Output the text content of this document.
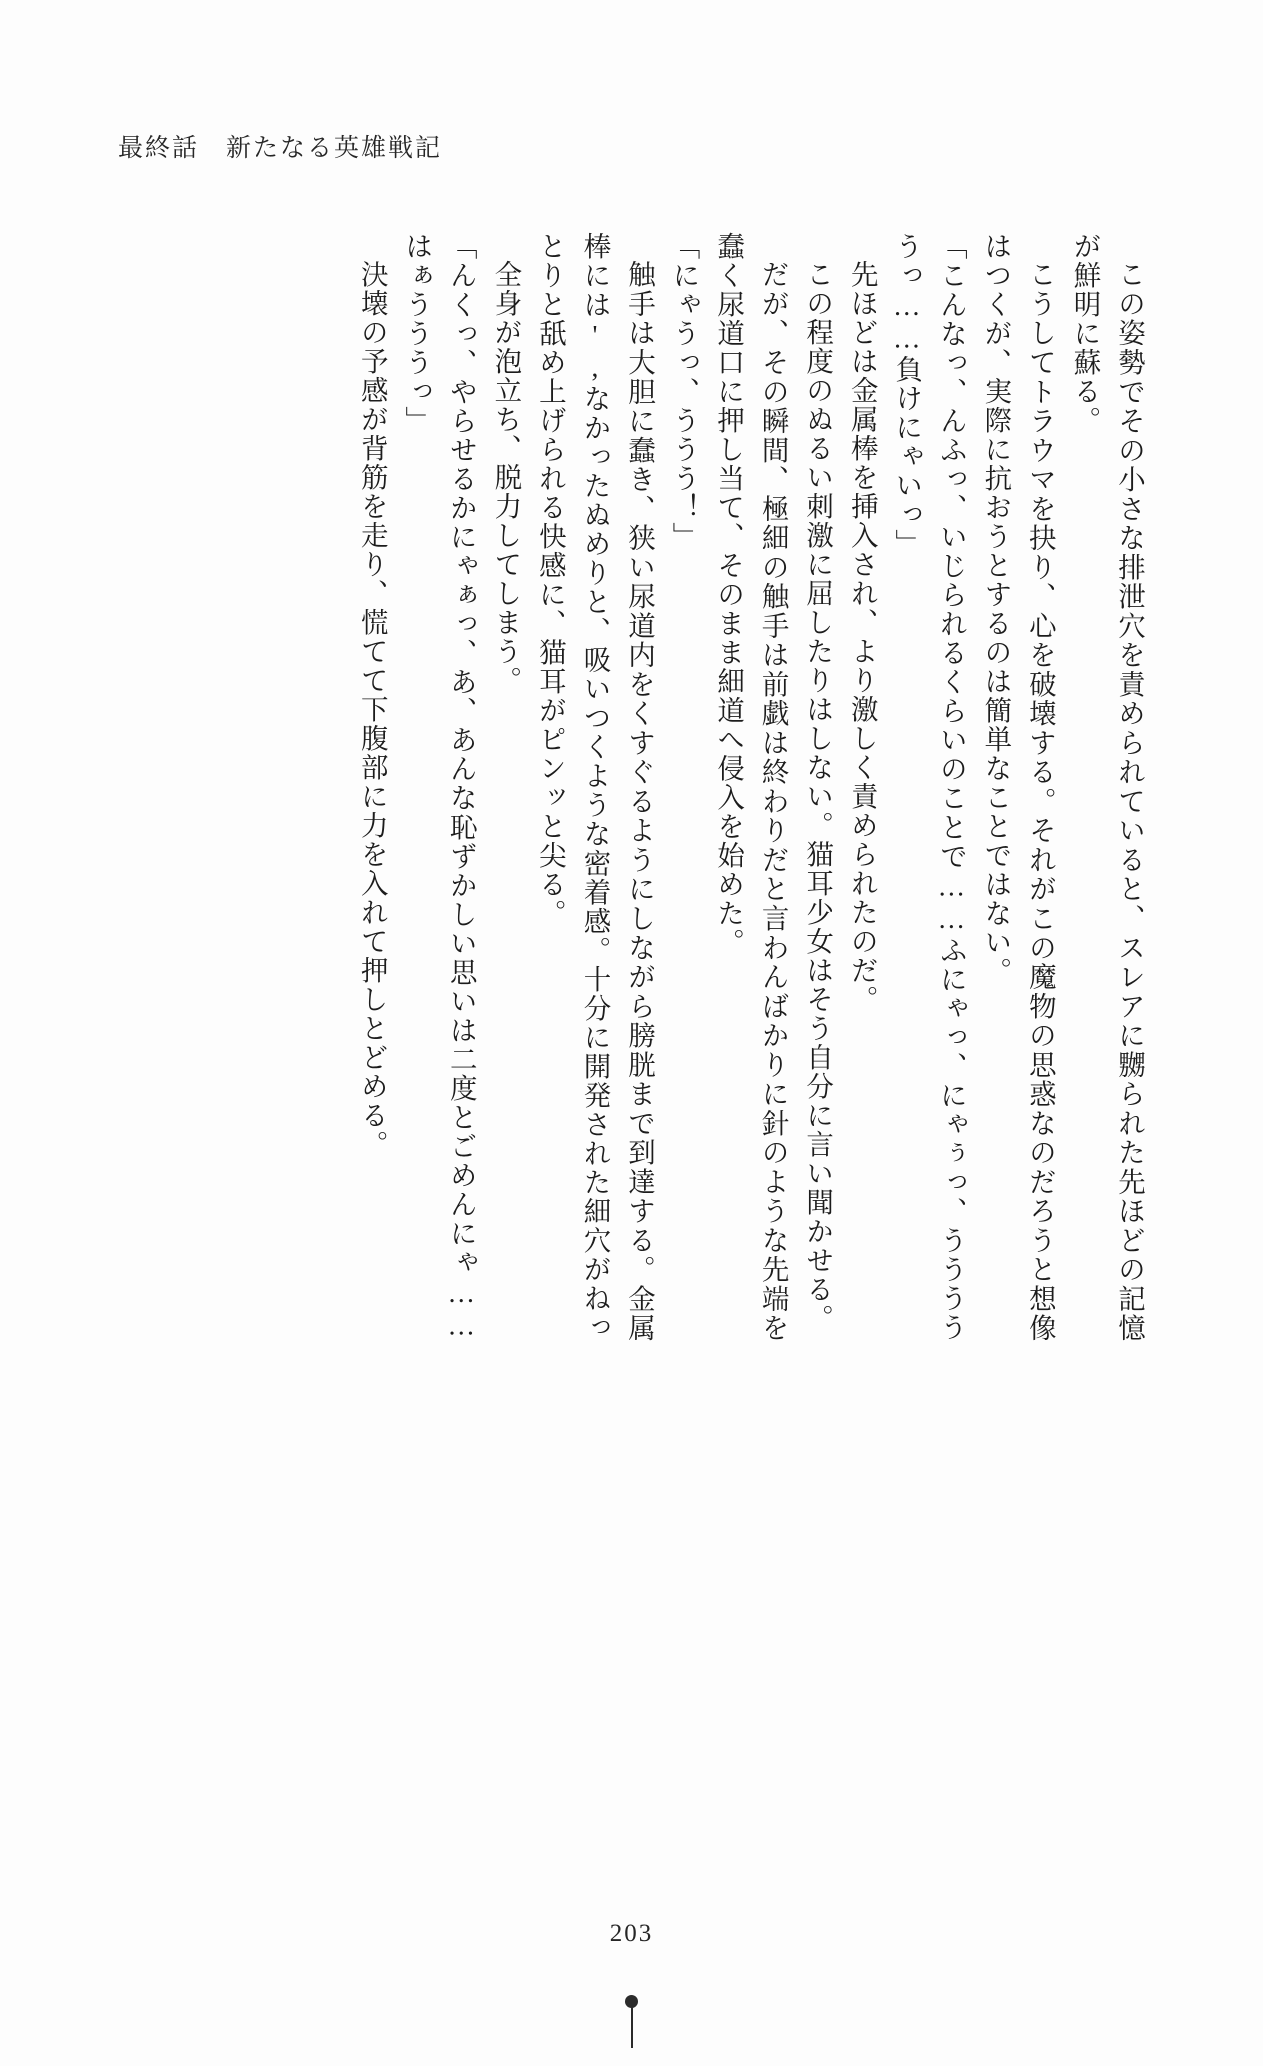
最終話　新たなる英雄戦記

この姿勢でその小さな排泄穴を責められていると、スレアに嬲られた先ほどの記憶が鮮明に蘇る。

こうしてトラウマを抉り、心を破壊する。それがこの魔物の思惑なのだろうと想像はつくが、実際に抗おうとするのは簡単なことではない。

「こんなっ、んふっ、いじられるくらいのことで……ふにゃっ、にゃぅっ、うううううっ……負けにゃいっ」

先ほどは金属棒を挿入され、より激しく責められたのだ。

この程度のぬるい刺激に屈したりはしない。猫耳少女はそう自分に言い聞かせる。

だが、その瞬間、極細の触手は前戯は終わりだと言わんばかりに針のような先端を蠢く尿道口に押し当て、そのまま細道へ侵入を始めた。

「にゃうっ、ううう！」

触手は大胆に蠢き、狭い尿道内をくすぐるようにしながら膀胱まで到達する。金属棒には',なかったぬめりと、吸いつくような密着感。十分に開発された細穴がねっとりと舐め上げられる快感に、猫耳がピンッと尖る。

全身が泡立ち、脱力してしまう。

「んくっ、やらせるかにゃぁっ、あ、あんな恥ずかしい思いは二度とごめんにゃ……はぁうううっ」

決壊の予感が背筋を走り、慌てて下腹部に力を入れて押しとどめる。

203
